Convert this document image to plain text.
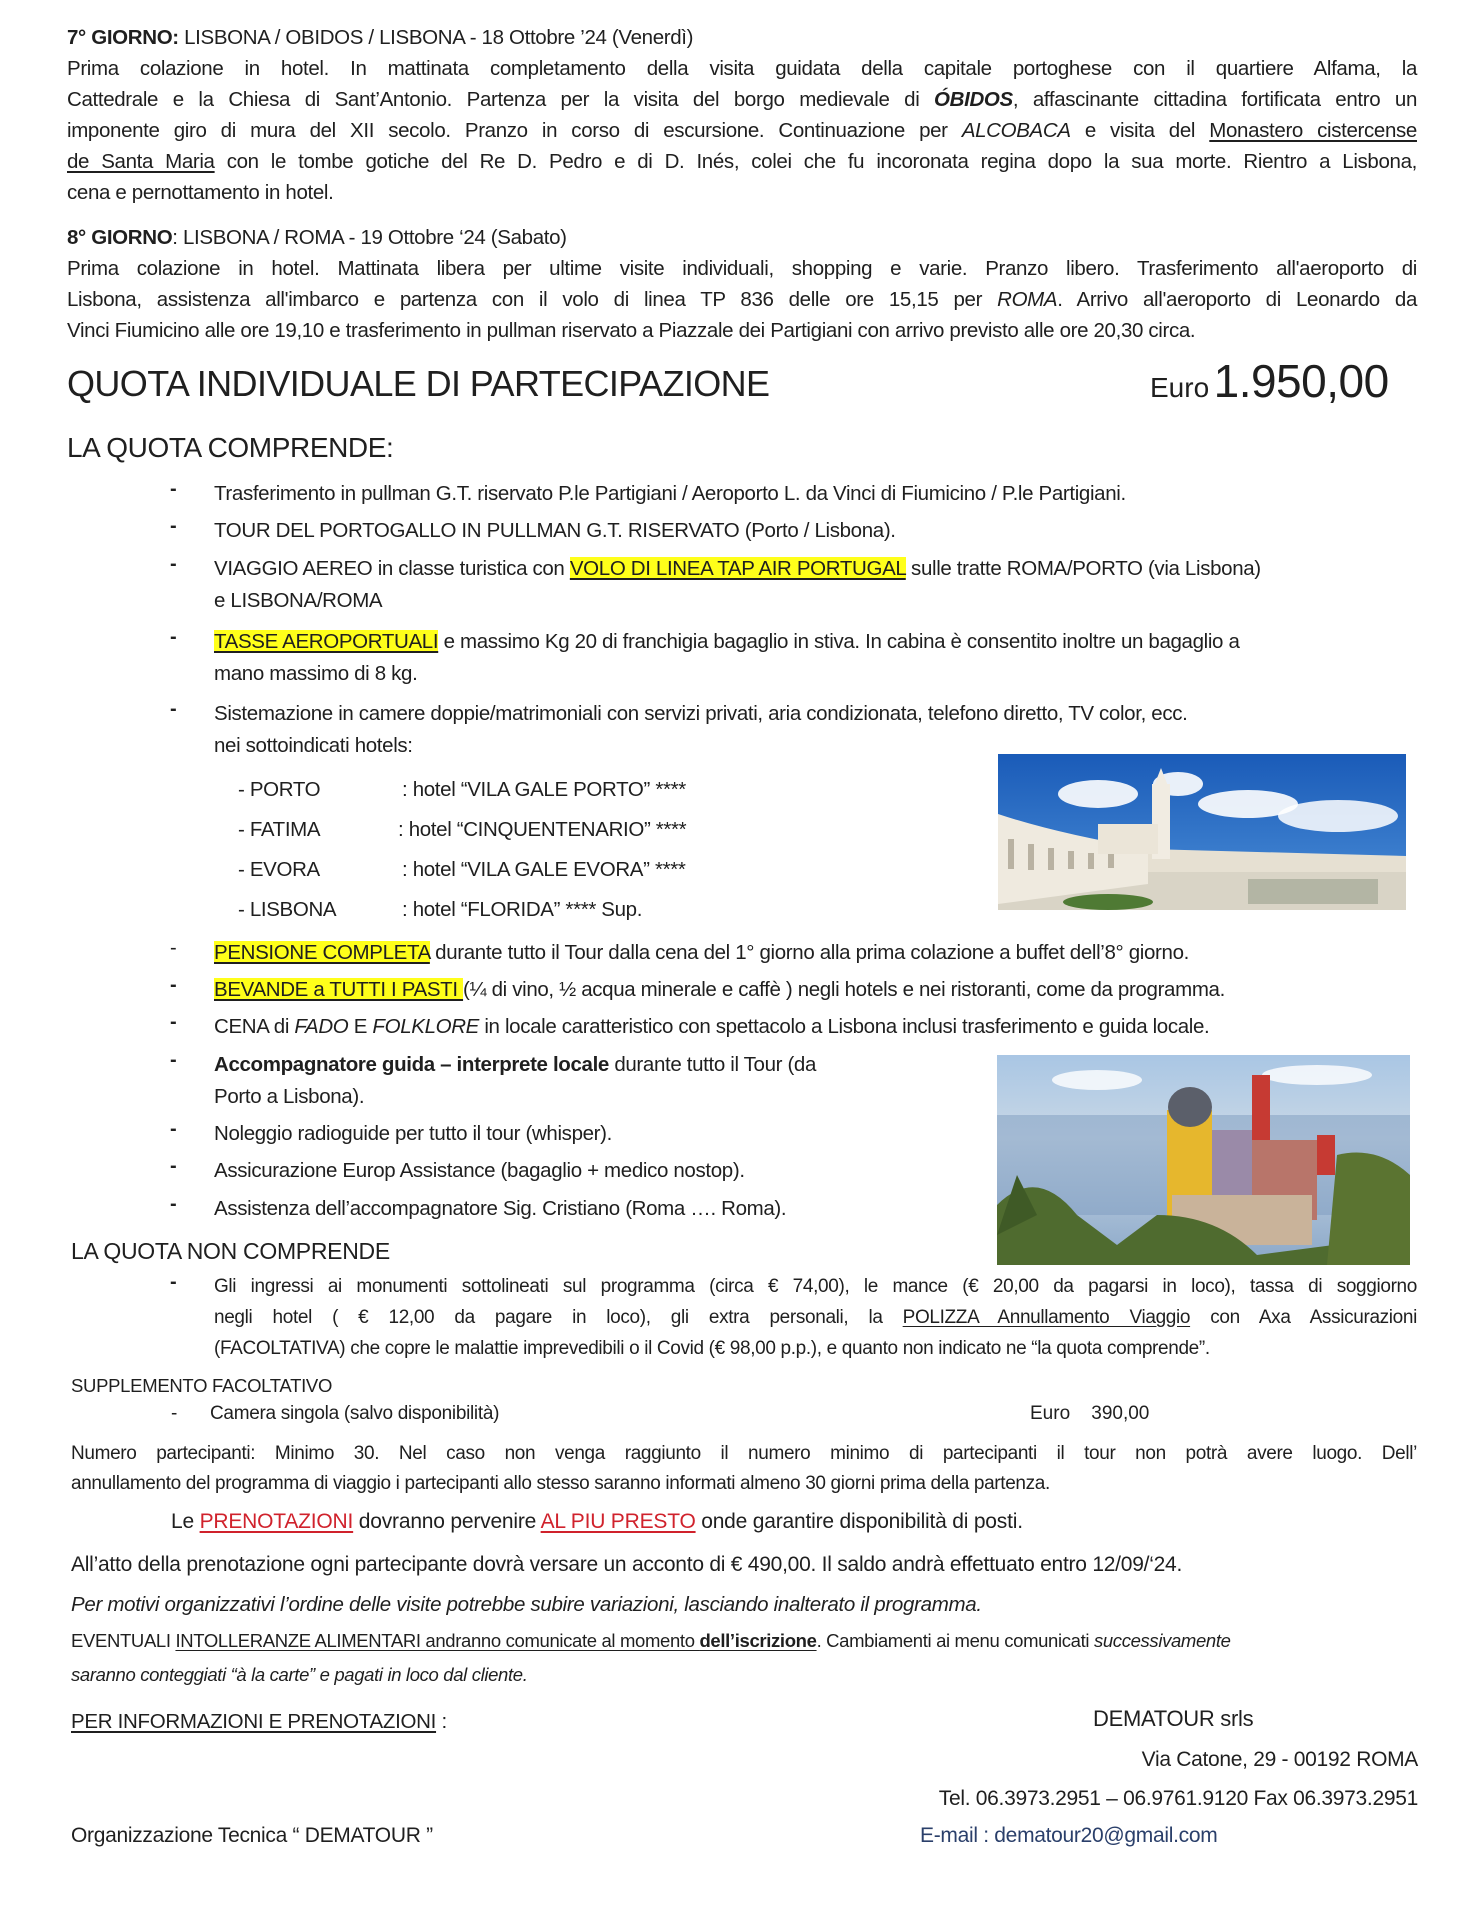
7° GIORNO: LISBONA / OBIDOS / LISBONA - 18 Ottobre ’24 (Venerdì)
Prima colazione in hotel. In mattinata completamento della visita guidata della capitale portoghese con il quartiere Alfama, la
Cattedrale e la Chiesa di Sant’Antonio. Partenza per la visita del borgo medievale di ÓBIDOS, affascinante cittadina fortificata entro un
imponente giro di mura del XII secolo. Pranzo in corso di escursione. Continuazione per ALCOBACA e visita del Monastero cistercense
de Santa Maria con le tombe gotiche del Re D. Pedro e di D. Inés, colei che fu incoronata regina dopo la sua morte. Rientro a Lisbona,
cena e pernottamento in hotel.
8° GIORNO: LISBONA / ROMA - 19 Ottobre ‘24 (Sabato)
Prima colazione in hotel. Mattinata libera per ultime visite individuali, shopping e varie. Pranzo libero. Trasferimento all'aeroporto di
Lisbona, assistenza all'imbarco e partenza con il volo di linea TP 836 delle ore 15,15 per ROMA. Arrivo all'aeroporto di Leonardo da
Vinci Fiumicino alle ore 19,10 e trasferimento in pullman riservato a Piazzale dei Partigiani con arrivo previsto alle ore 20,30 circa.
QUOTA INDIVIDUALE DI PARTECIPAZIONE	Euro 1.950,00
LA QUOTA COMPRENDE:
- Trasferimento in pullman G.T. riservato P.le Partigiani / Aeroporto L. da Vinci di Fiumicino / P.le Partigiani.
- TOUR DEL PORTOGALLO IN PULLMAN G.T. RISERVATO (Porto / Lisbona).
- VIAGGIO AEREO in classe turistica con VOLO DI LINEA TAP AIR PORTUGAL sulle tratte ROMA/PORTO (via Lisbona)
e LISBONA/ROMA
- TASSE AEROPORTUALI e massimo Kg 20 di franchigia bagaglio in stiva. In cabina è consentito inoltre un bagaglio a
mano massimo di 8 kg.
- Sistemazione in camere doppie/matrimoniali con servizi privati, aria condizionata, telefono diretto, TV color, ecc.
nei sottoindicati hotels:
- PORTO	: hotel “VILA GALE PORTO” ****
- FATIMA	: hotel “CINQUENTENARIO” ****
- EVORA	: hotel “VILA GALE EVORA” ****
- LISBONA	: hotel “FLORIDA” **** Sup.
- PENSIONE COMPLETA durante tutto il Tour dalla cena del 1° giorno alla prima colazione a buffet dell’8° giorno.
- BEVANDE a TUTTI I PASTI (¼ di vino, ½ acqua minerale e caffè ) negli hotels e nei ristoranti, come da programma.
- CENA di FADO E FOLKLORE in locale caratteristico con spettacolo a Lisbona inclusi trasferimento e guida locale.
- Accompagnatore guida – interprete locale durante tutto il Tour (da
Porto a Lisbona).
- Noleggio radioguide per tutto il tour (whisper).
- Assicurazione Europ Assistance (bagaglio + medico nostop).
- Assistenza dell’accompagnatore Sig. Cristiano (Roma …. Roma).
LA QUOTA NON COMPRENDE
- Gli ingressi ai monumenti sottolineati sul programma (circa € 74,00), le mance (€ 20,00 da pagarsi in loco), tassa di soggiorno
negli hotel ( € 12,00 da pagare in loco), gli extra personali, la POLIZZA Annullamento Viaggio con Axa Assicurazioni
(FACOLTATIVA) che copre le malattie imprevedibili o il Covid (€ 98,00 p.p.), e quanto non indicato ne “la quota comprende”.
SUPPLEMENTO FACOLTATIVO
- Camera singola (salvo disponibilità)	Euro 390,00
Numero partecipanti: Minimo 30. Nel caso non venga raggiunto il numero minimo di partecipanti il tour non potrà avere luogo. Dell’
annullamento del programma di viaggio i partecipanti allo stesso saranno informati almeno 30 giorni prima della partenza.
Le PRENOTAZIONI dovranno pervenire AL PIU PRESTO onde garantire disponibilità di posti.
All’atto della prenotazione ogni partecipante dovrà versare un acconto di € 490,00. Il saldo andrà effettuato entro 12/09/‘24.
Per motivi organizzativi l’ordine delle visite potrebbe subire variazioni, lasciando inalterato il programma.
EVENTUALI INTOLLERANZE ALIMENTARI andranno comunicate al momento dell’iscrizione. Cambiamenti ai menu comunicati successivamente
saranno conteggiati “à la carte” e pagati in loco dal cliente.
PER INFORMAZIONI E PRENOTAZIONI :	DEMATOUR srls
Via Catone, 29 - 00192 ROMA
Tel. 06.3973.2951 – 06.9761.9120 Fax 06.3973.2951
Organizzazione Tecnica “ DEMATOUR ”	E-mail : dematour20@gmail.com
